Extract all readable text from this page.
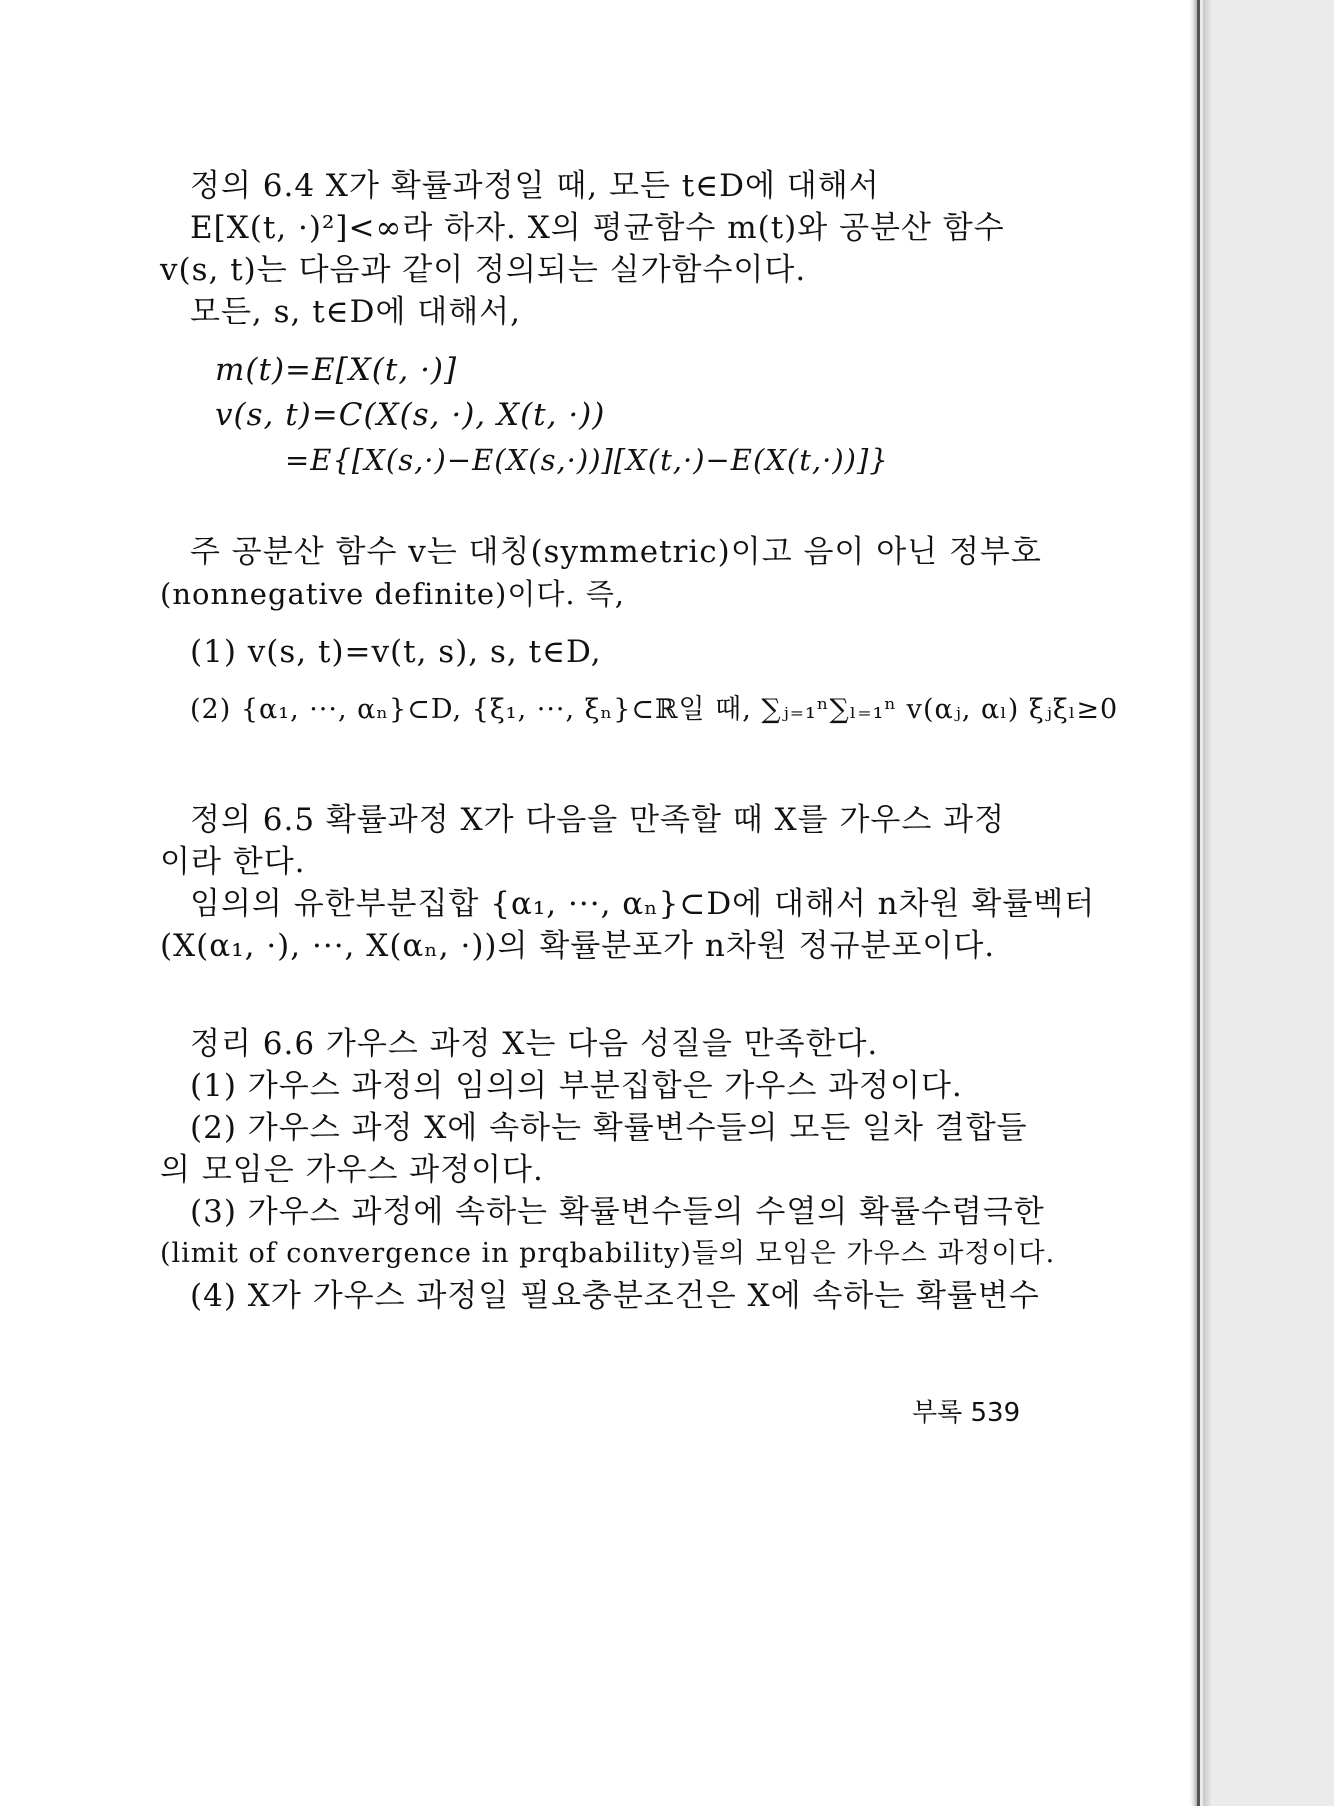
정의 6.4 X가 확률과정일 때, 모든 t∈D에 대해서
E[X(t, ·)²]<∞라 하자. X의 평균함수 m(t)와 공분산 함수
v(s, t)는 다음과 같이 정의되는 실가함수이다.
모든, s, t∈D에 대해서,
m(t)=E[X(t, ·)]
v(s, t)=C(X(s, ·), X(t, ·))
=E{[X(s,·)−E(X(s,·))][X(t,·)−E(X(t,·))]}
주 공분산 함수 v는 대칭(symmetric)이고 음이 아닌 정부호
(nonnegative definite)이다. 즉,
(1) v(s, t)=v(t, s), s, t∈D,
(2) {α₁, ···, αₙ}⊂D, {ξ₁, ···, ξₙ}⊂ℝ일 때, ∑ⱼ₌₁ⁿ∑ₗ₌₁ⁿ v(αⱼ, αₗ) ξⱼξₗ≥0
정의 6.5 확률과정 X가 다음을 만족할 때 X를 가우스 과정
이라 한다.
임의의 유한부분집합 {α₁, ···, αₙ}⊂D에 대해서 n차원 확률벡터
(X(α₁, ·), ···, X(αₙ, ·))의 확률분포가 n차원 정규분포이다.
정리 6.6 가우스 과정 X는 다음 성질을 만족한다.
(1) 가우스 과정의 임의의 부분집합은 가우스 과정이다.
(2) 가우스 과정 X에 속하는 확률변수들의 모든 일차 결합들
의 모임은 가우스 과정이다.
(3) 가우스 과정에 속하는 확률변수들의 수열의 확률수렴극한
(limit of convergence in prqbability)들의 모임은 가우스 과정이다.
(4) X가 가우스 과정일 필요충분조건은 X에 속하는 확률변수
부록 539
